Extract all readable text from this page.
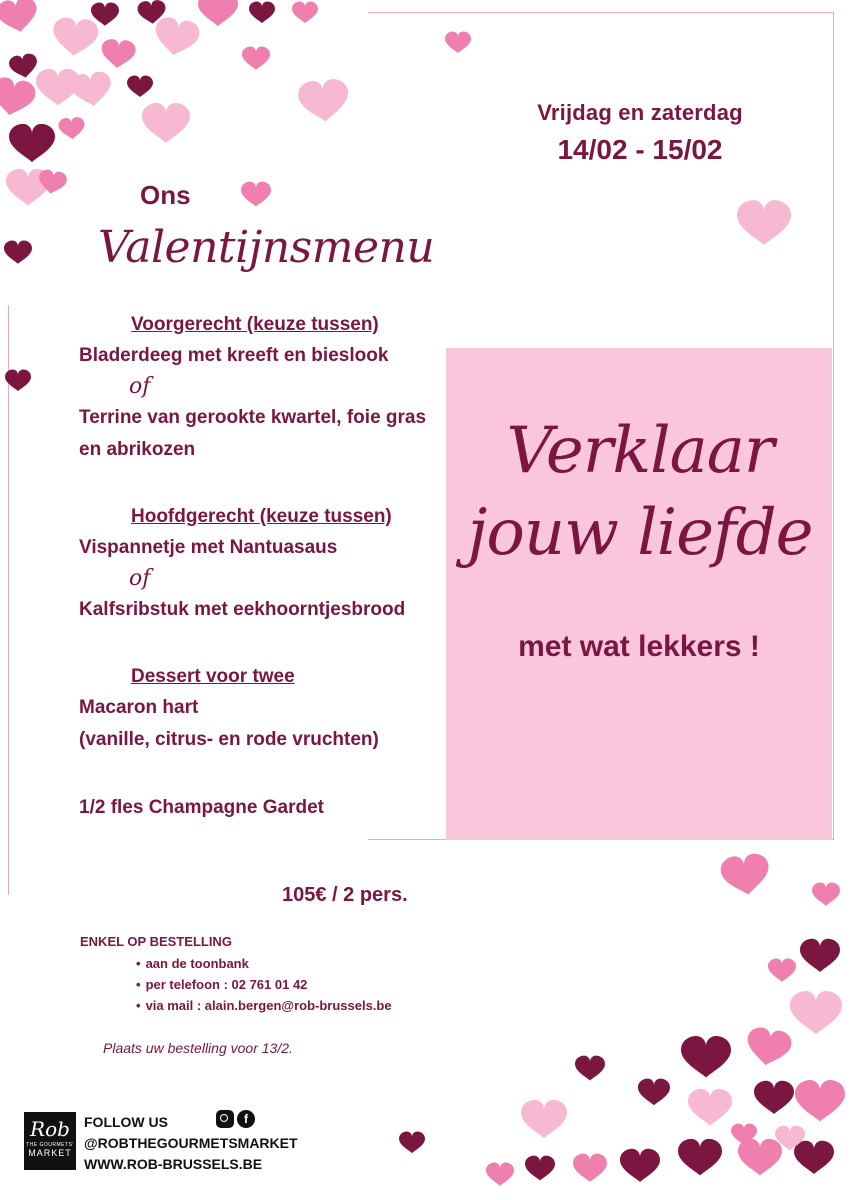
Vrijdag en zaterdag
14/02 - 15/02
Ons
Valentijnsmenu
Voorgerecht (keuze tussen)
Bladerdeeg met kreeft en bieslook
of
Terrine van gerookte kwartel, foie gras
en abrikozen
Hoofdgerecht (keuze tussen)
Vispannetje met Nantuasaus
of
Kalfsribstuk met eekhoorntjesbrood
Dessert voor twee
Macaron hart
(vanille, citrus- en rode vruchten)
1/2 fles Champagne Gardet
105€ / 2 pers.
ENKEL OP BESTELLING
• aan de toonbank
• per telefoon : 02 761 01 42
• via mail : alain.bergen@rob-brussels.be
Plaats uw bestelling voor 13/2.
Verklaar
jouw liefde
met wat lekkers !
Rob
THE GOURMETS'
MARKET
FOLLOW US
@ROBTHEGOURMETSMARKET
WWW.ROB-BRUSSELS.BE
f
